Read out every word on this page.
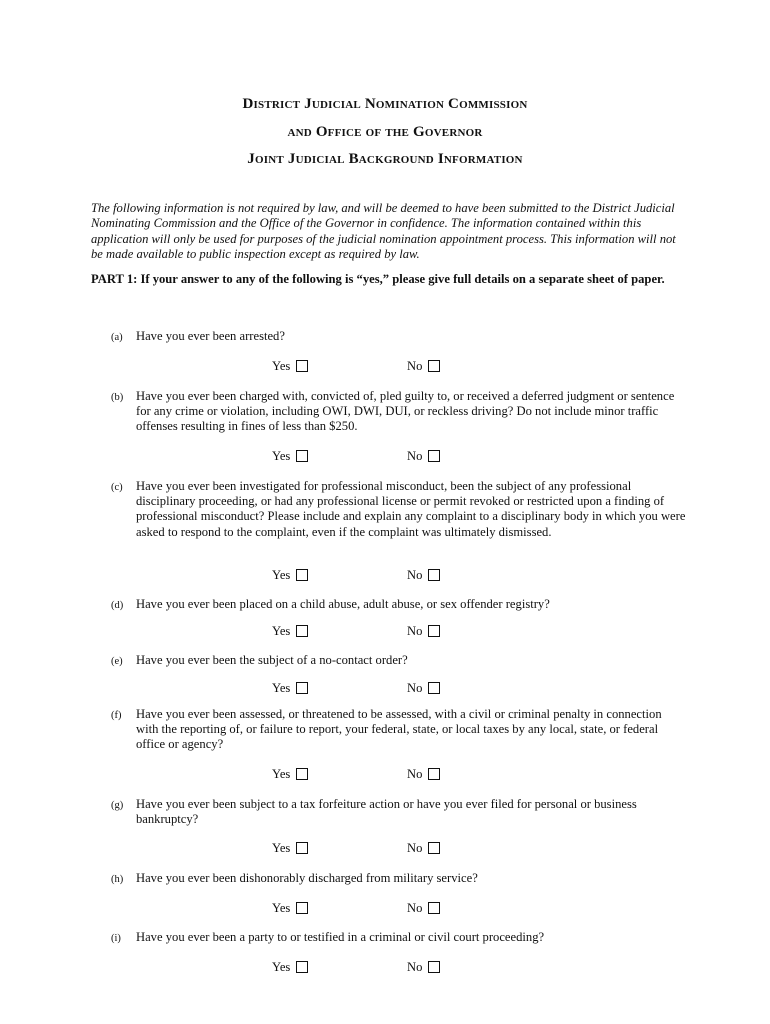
District Judicial Nomination Commission
and Office of the Governor
Joint Judicial Background Information

The following information is not required by law, and will be deemed to have been submitted to the District Judicial Nominating Commission and the Office of the Governor in confidence. The information contained within this application will only be used for purposes of the judicial nomination appointment process. This information will not be made available to public inspection except as required by law.

PART 1: If your answer to any of the following is “yes,” please give full details on a separate sheet of paper.

(a) Have you ever been arrested?
Yes	No
(b) Have you ever been charged with, convicted of, pled guilty to, or received a deferred judgment or sentence for any crime or violation, including OWI, DWI, DUI, or reckless driving? Do not include minor traffic offenses resulting in fines of less than $250.
Yes	No
(c) Have you ever been investigated for professional misconduct, been the subject of any professional disciplinary proceeding, or had any professional license or permit revoked or restricted upon a finding of professional misconduct? Please include and explain any complaint to a disciplinary body in which you were asked to respond to the complaint, even if the complaint was ultimately dismissed.
Yes	No
(d) Have you ever been placed on a child abuse, adult abuse, or sex offender registry?
Yes	No
(e) Have you ever been the subject of a no-contact order?
Yes	No
(f) Have you ever been assessed, or threatened to be assessed, with a civil or criminal penalty in connection with the reporting of, or failure to report, your federal, state, or local taxes by any local, state, or federal office or agency?
Yes	No
(g) Have you ever been subject to a tax forfeiture action or have you ever filed for personal or business bankruptcy?
Yes	No
(h) Have you ever been dishonorably discharged from military service?
Yes	No
(i) Have you ever been a party to or testified in a criminal or civil court proceeding?
Yes	No
